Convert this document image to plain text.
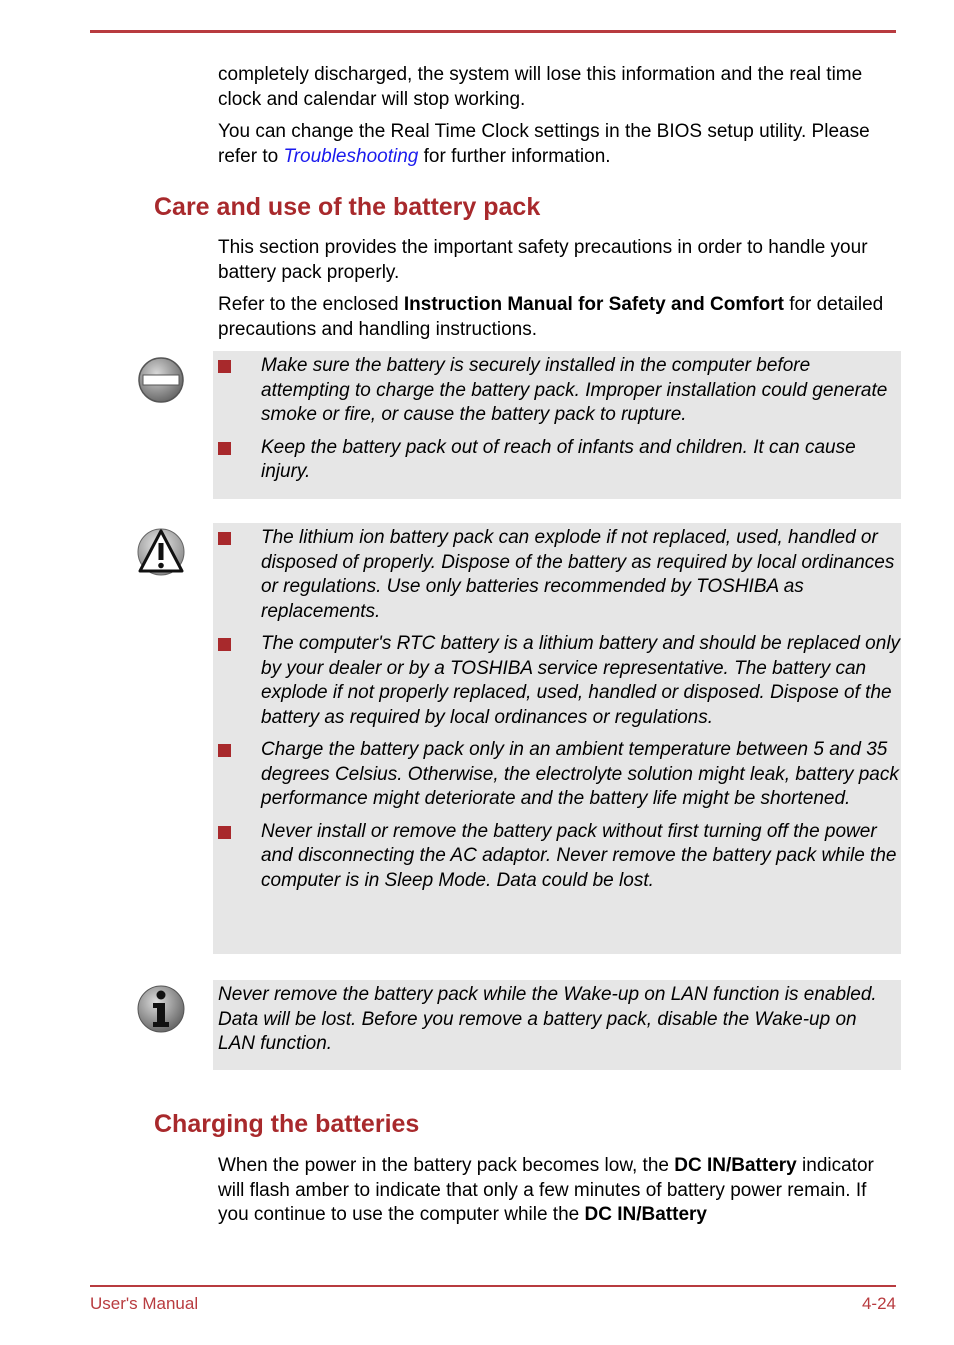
completely discharged, the system will lose this information and the real time clock and calendar will stop working.

You can change the Real Time Clock settings in the BIOS setup utility. Please refer to Troubleshooting for further information.

Care and use of the battery pack

This section provides the important safety precautions in order to handle your battery pack properly.

Refer to the enclosed Instruction Manual for Safety and Comfort for detailed precautions and handling instructions.

Make sure the battery is securely installed in the computer before attempting to charge the battery pack. Improper installation could generate smoke or fire, or cause the battery pack to rupture.
Keep the battery pack out of reach of infants and children. It can cause injury.
The lithium ion battery pack can explode if not replaced, used, handled or disposed of properly. Dispose of the battery as required by local ordinances or regulations. Use only batteries recommended by TOSHIBA as replacements.
The computer's RTC battery is a lithium battery and should be replaced only by your dealer or by a TOSHIBA service representative. The battery can explode if not properly replaced, used, handled or disposed. Dispose of the battery as required by local ordinances or regulations.
Charge the battery pack only in an ambient temperature between 5 and 35 degrees Celsius. Otherwise, the electrolyte solution might leak, battery pack performance might deteriorate and the battery life might be shortened.
Never install or remove the battery pack without first turning off the power and disconnecting the AC adaptor. Never remove the battery pack while the computer is in Sleep Mode. Data could be lost.

Never remove the battery pack while the Wake-up on LAN function is enabled. Data will be lost. Before you remove a battery pack, disable the Wake-up on LAN function.

Charging the batteries

When the power in the battery pack becomes low, the DC IN/Battery indicator will flash amber to indicate that only a few minutes of battery power remain. If you continue to use the computer while the DC IN/Battery

User's Manual	4-24
